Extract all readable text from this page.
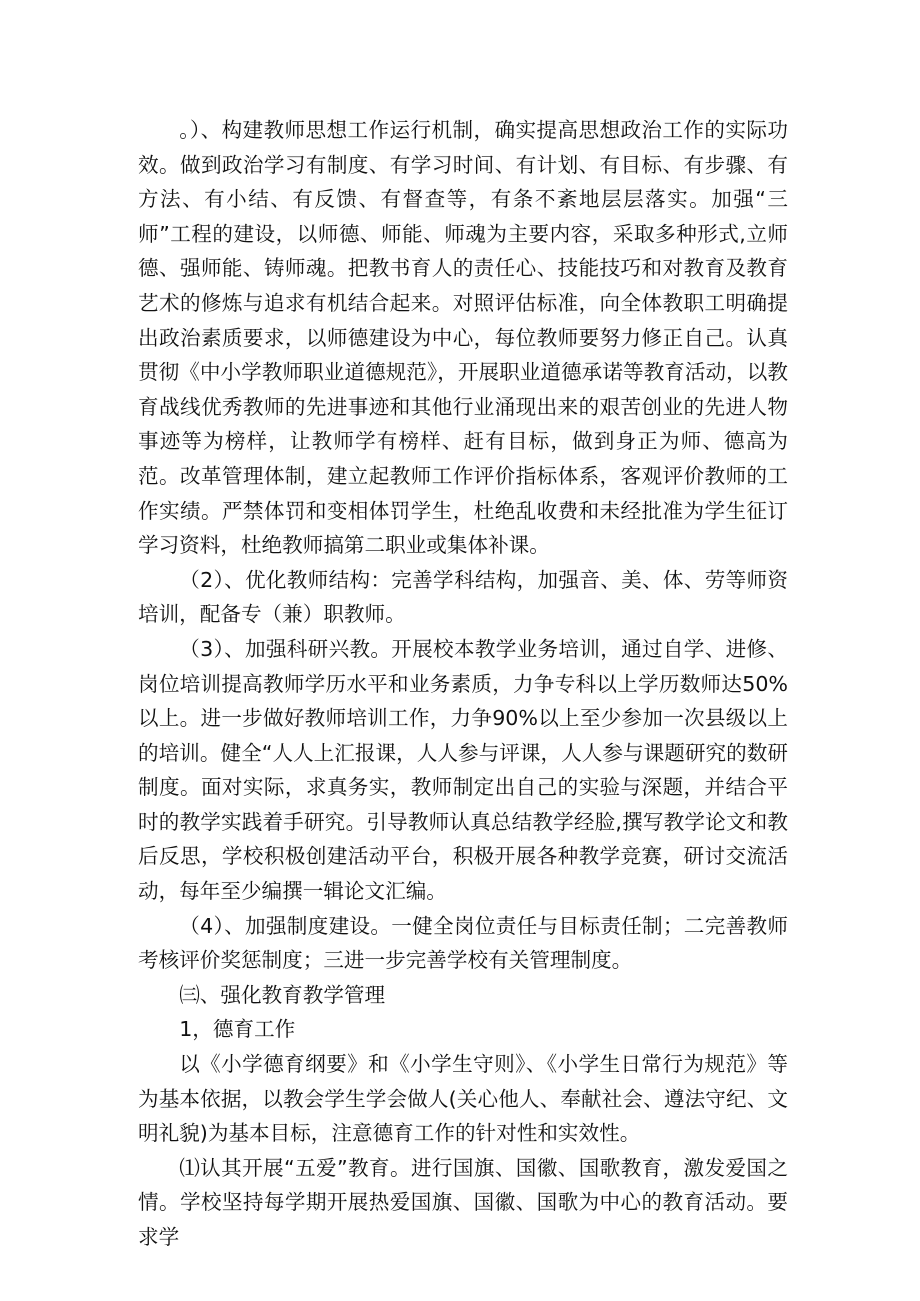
。）、构建教师思想工作运行机制，确实提高思想政治工作的实际功效。做到政治学习有制度、有学习时间、有计划、有目标、有步骤、有方法、有小结、有反馈、有督查等，有条不紊地层层落实。加强“三师”工程的建设，以师德、师能、师魂为主要内容，采取多种形式,立师德、强师能、铸师魂。把教书育人的责任心、技能技巧和对教育及教育艺术的修炼与追求有机结合起来。对照评估标准，向全体教职工明确提出政治素质要求，以师德建设为中心，每位教师要努力修正自己。认真贯彻《中小学教师职业道德规范》，开展职业道德承诺等教育活动，以教育战线优秀教师的先进事迹和其他行业涌现出来的艰苦创业的先进人物事迹等为榜样，让教师学有榜样、赶有目标，做到身正为师、德高为范。改革管理体制，建立起教师工作评价指标体系，客观评价教师的工作实绩。严禁体罚和变相体罚学生，杜绝乱收费和未经批准为学生征订学习资料，杜绝教师搞第二职业或集体补课。

（2）、优化教师结构：完善学科结构，加强音、美、体、劳等师资培训，配备专（兼）职教师。

（3）、加强科研兴教。开展校本教学业务培训，通过自学、进修、岗位培训提高教师学历水平和业务素质，力争专科以上学历数师达50%以上。进一步做好教师培训工作，力争90%以上至少参加一次县级以上的培训。健全“人人上汇报课，人人参与评课，人人参与课题研究的数研制度。面对实际，求真务实，教师制定出自己的实验与深题，并结合平时的教学实践着手研究。引导教师认真总结教学经脸,撰写教学论文和教后反思，学校积极创建活动平台，积极开展各种教学竞赛，研讨交流活动，每年至少编撰一辑论文汇编。

（4）、加强制度建设。一健全岗位责任与目标责任制；二完善教师考核评价奖惩制度；三进一步完善学校有关管理制度。

㈢、强化教育教学管理

1，德育工作

以《小学德育纲要》和《小学生守则》、《小学生日常行为规范》等为基本依据，以教会学生学会做人(关心他人、奉献社会、遵法守纪、文明礼貌)为基本目标，注意德育工作的针对性和实效性。

⑴认其开展“五爱”教育。进行国旗、国徽、国歌教育，激发爱国之情。学校坚持每学期开展热爱国旗、国徽、国歌为中心的教育活动。要求学
